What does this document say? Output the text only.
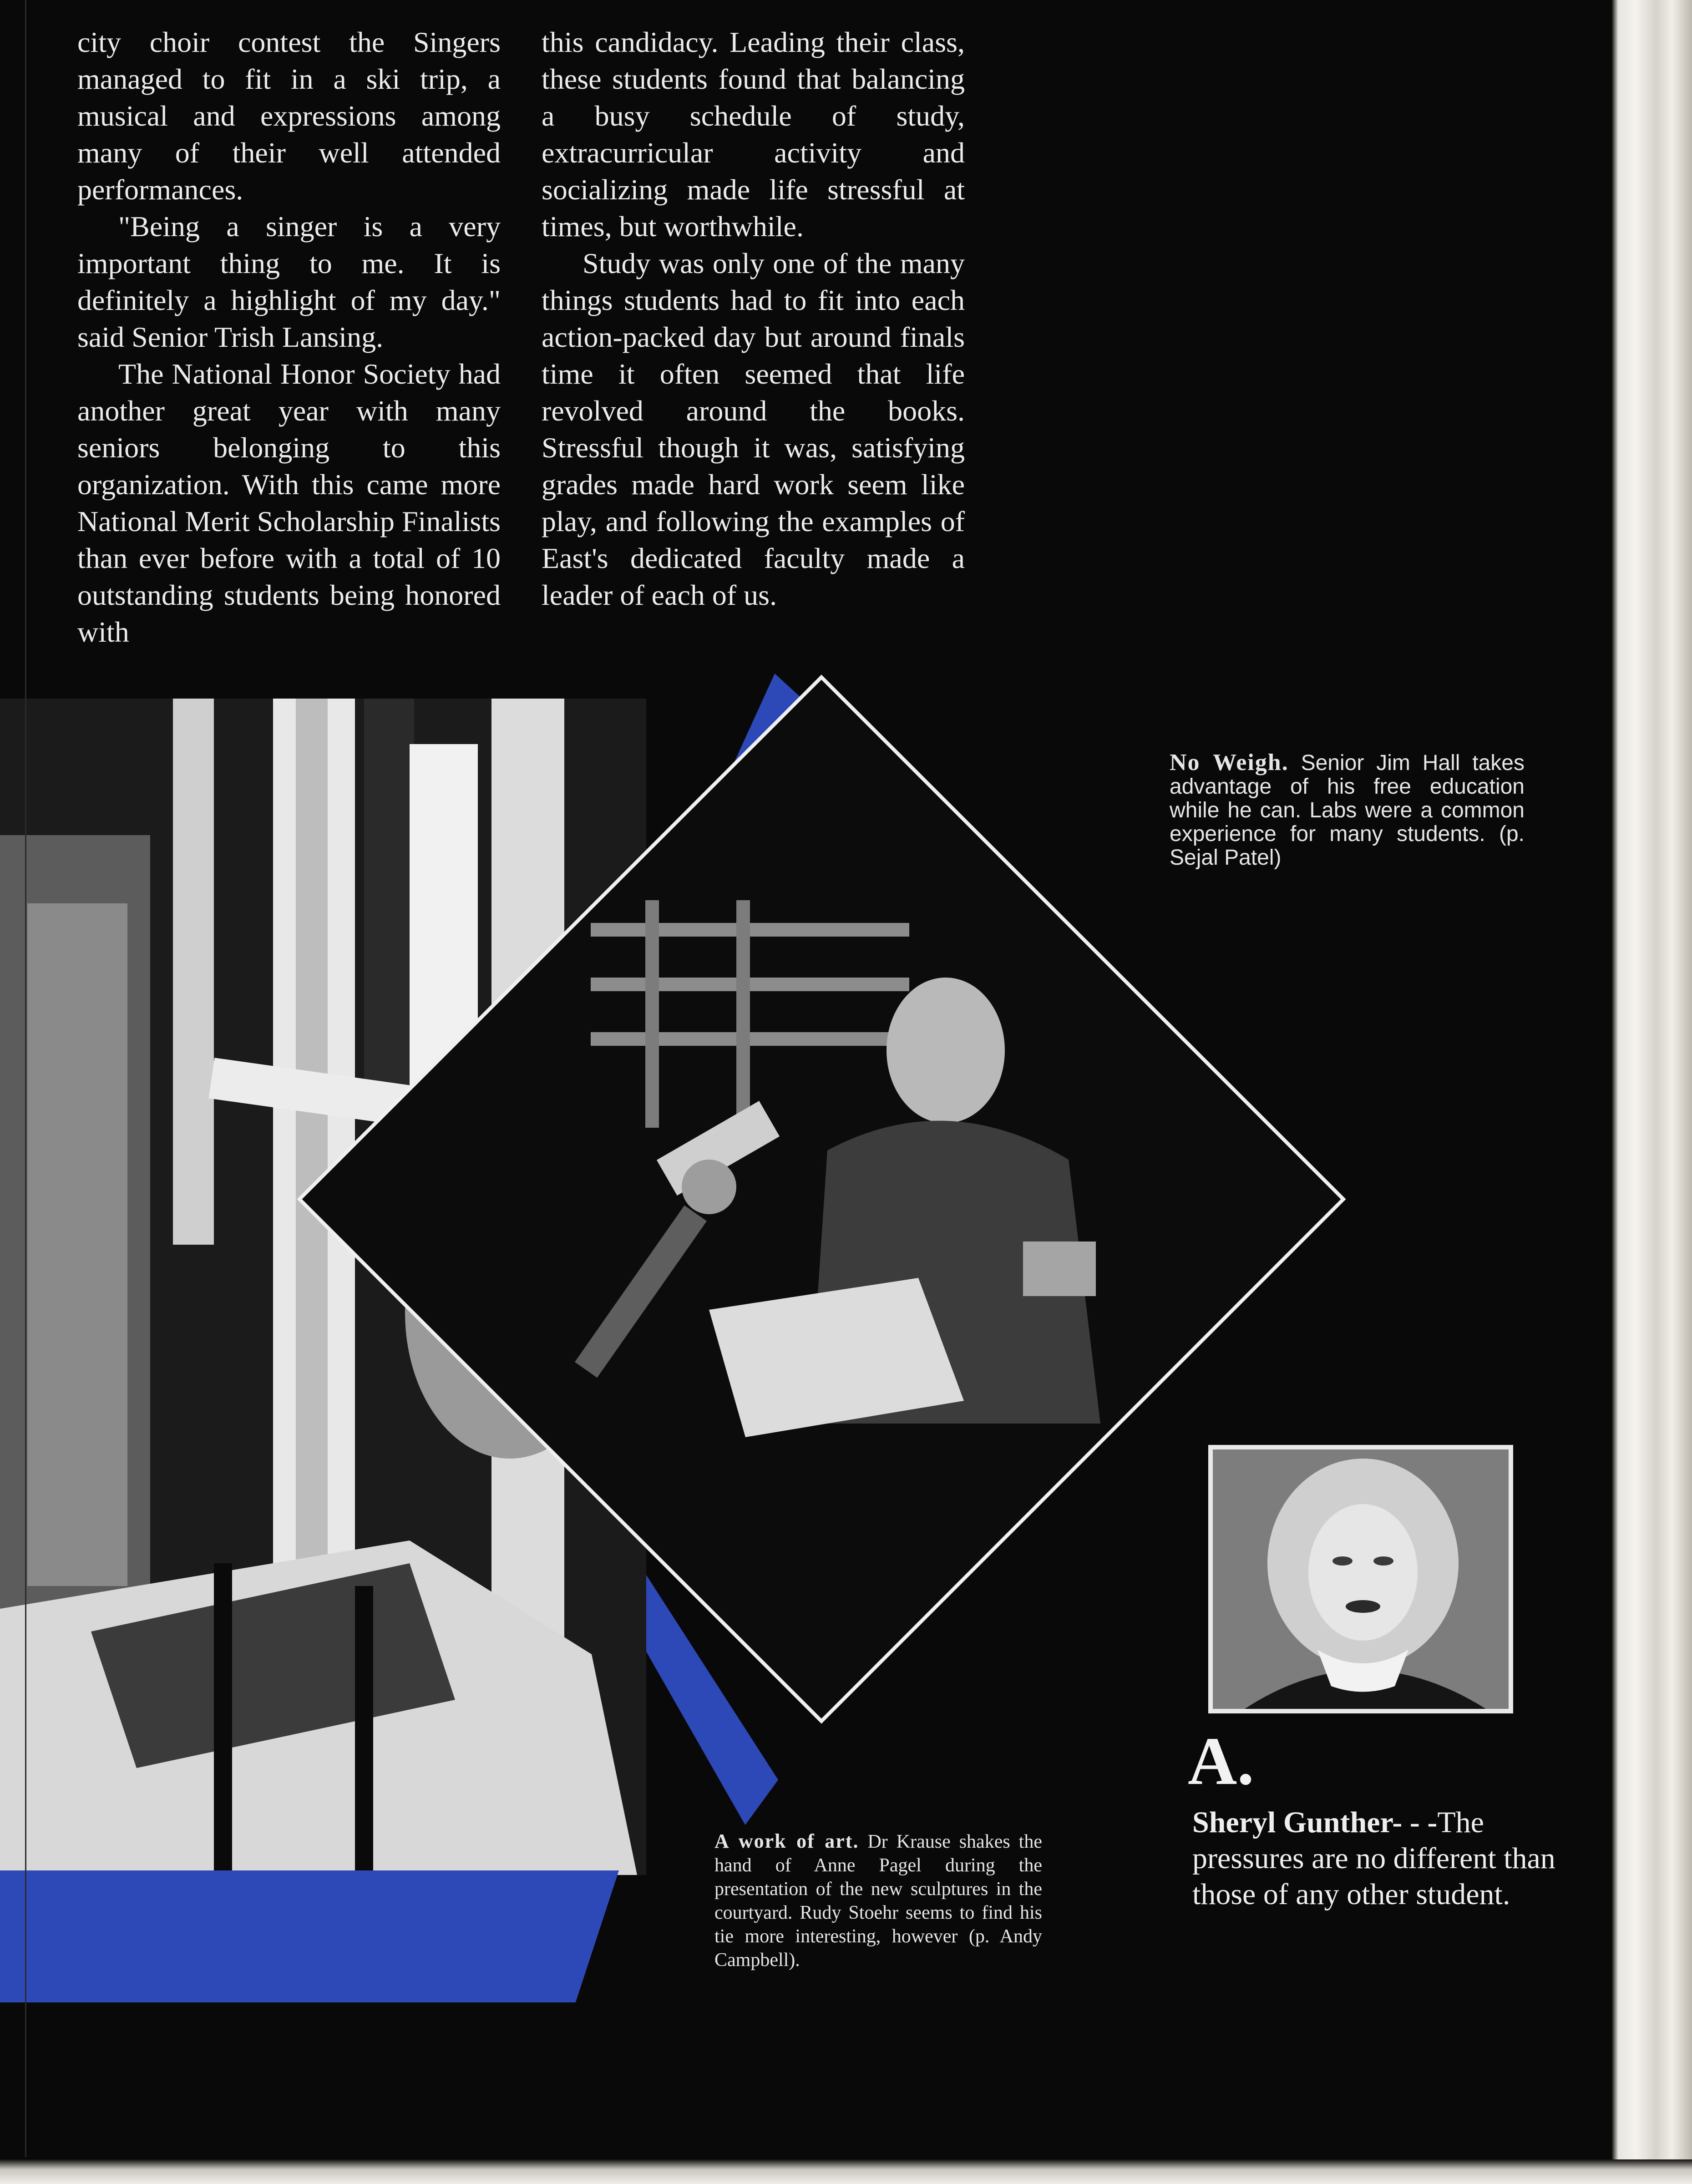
city choir contest the Singers managed to fit in a ski trip, a musical and expressions among many of their well attended performances.

"Being a singer is a very important thing to me. It is definitely a highlight of my day." said Senior Trish Lansing.

The National Honor Society had another great year with many seniors belonging to this organization. With this came more National Merit Scholarship Finalists than ever before with a total of 10 outstanding students being honored with

this candidacy. Leading their class, these students found that balancing a busy schedule of study, extracurricular activity and socializing made life stressful at times, but worthwhile.

Study was only one of the many things students had to fit into each action-packed day but around finals time it often seemed that life revolved around the books. Stressful though it was, satisfying grades made hard work seem like play, and following the examples of East's dedicated faculty made a leader of each of us.

No Weigh. Senior Jim Hall takes advantage of his free education while he can. Labs were a common experience for many students. (p. Sejal Patel)

A.

Sheryl Gunther- - -The pressures are no different than those of any other student.

A work of art. Dr Krause shakes the hand of Anne Pagel during the presentation of the new sculptures in the courtyard. Rudy Stoehr seems to find his tie more interesting, however (p. Andy Campbell).
